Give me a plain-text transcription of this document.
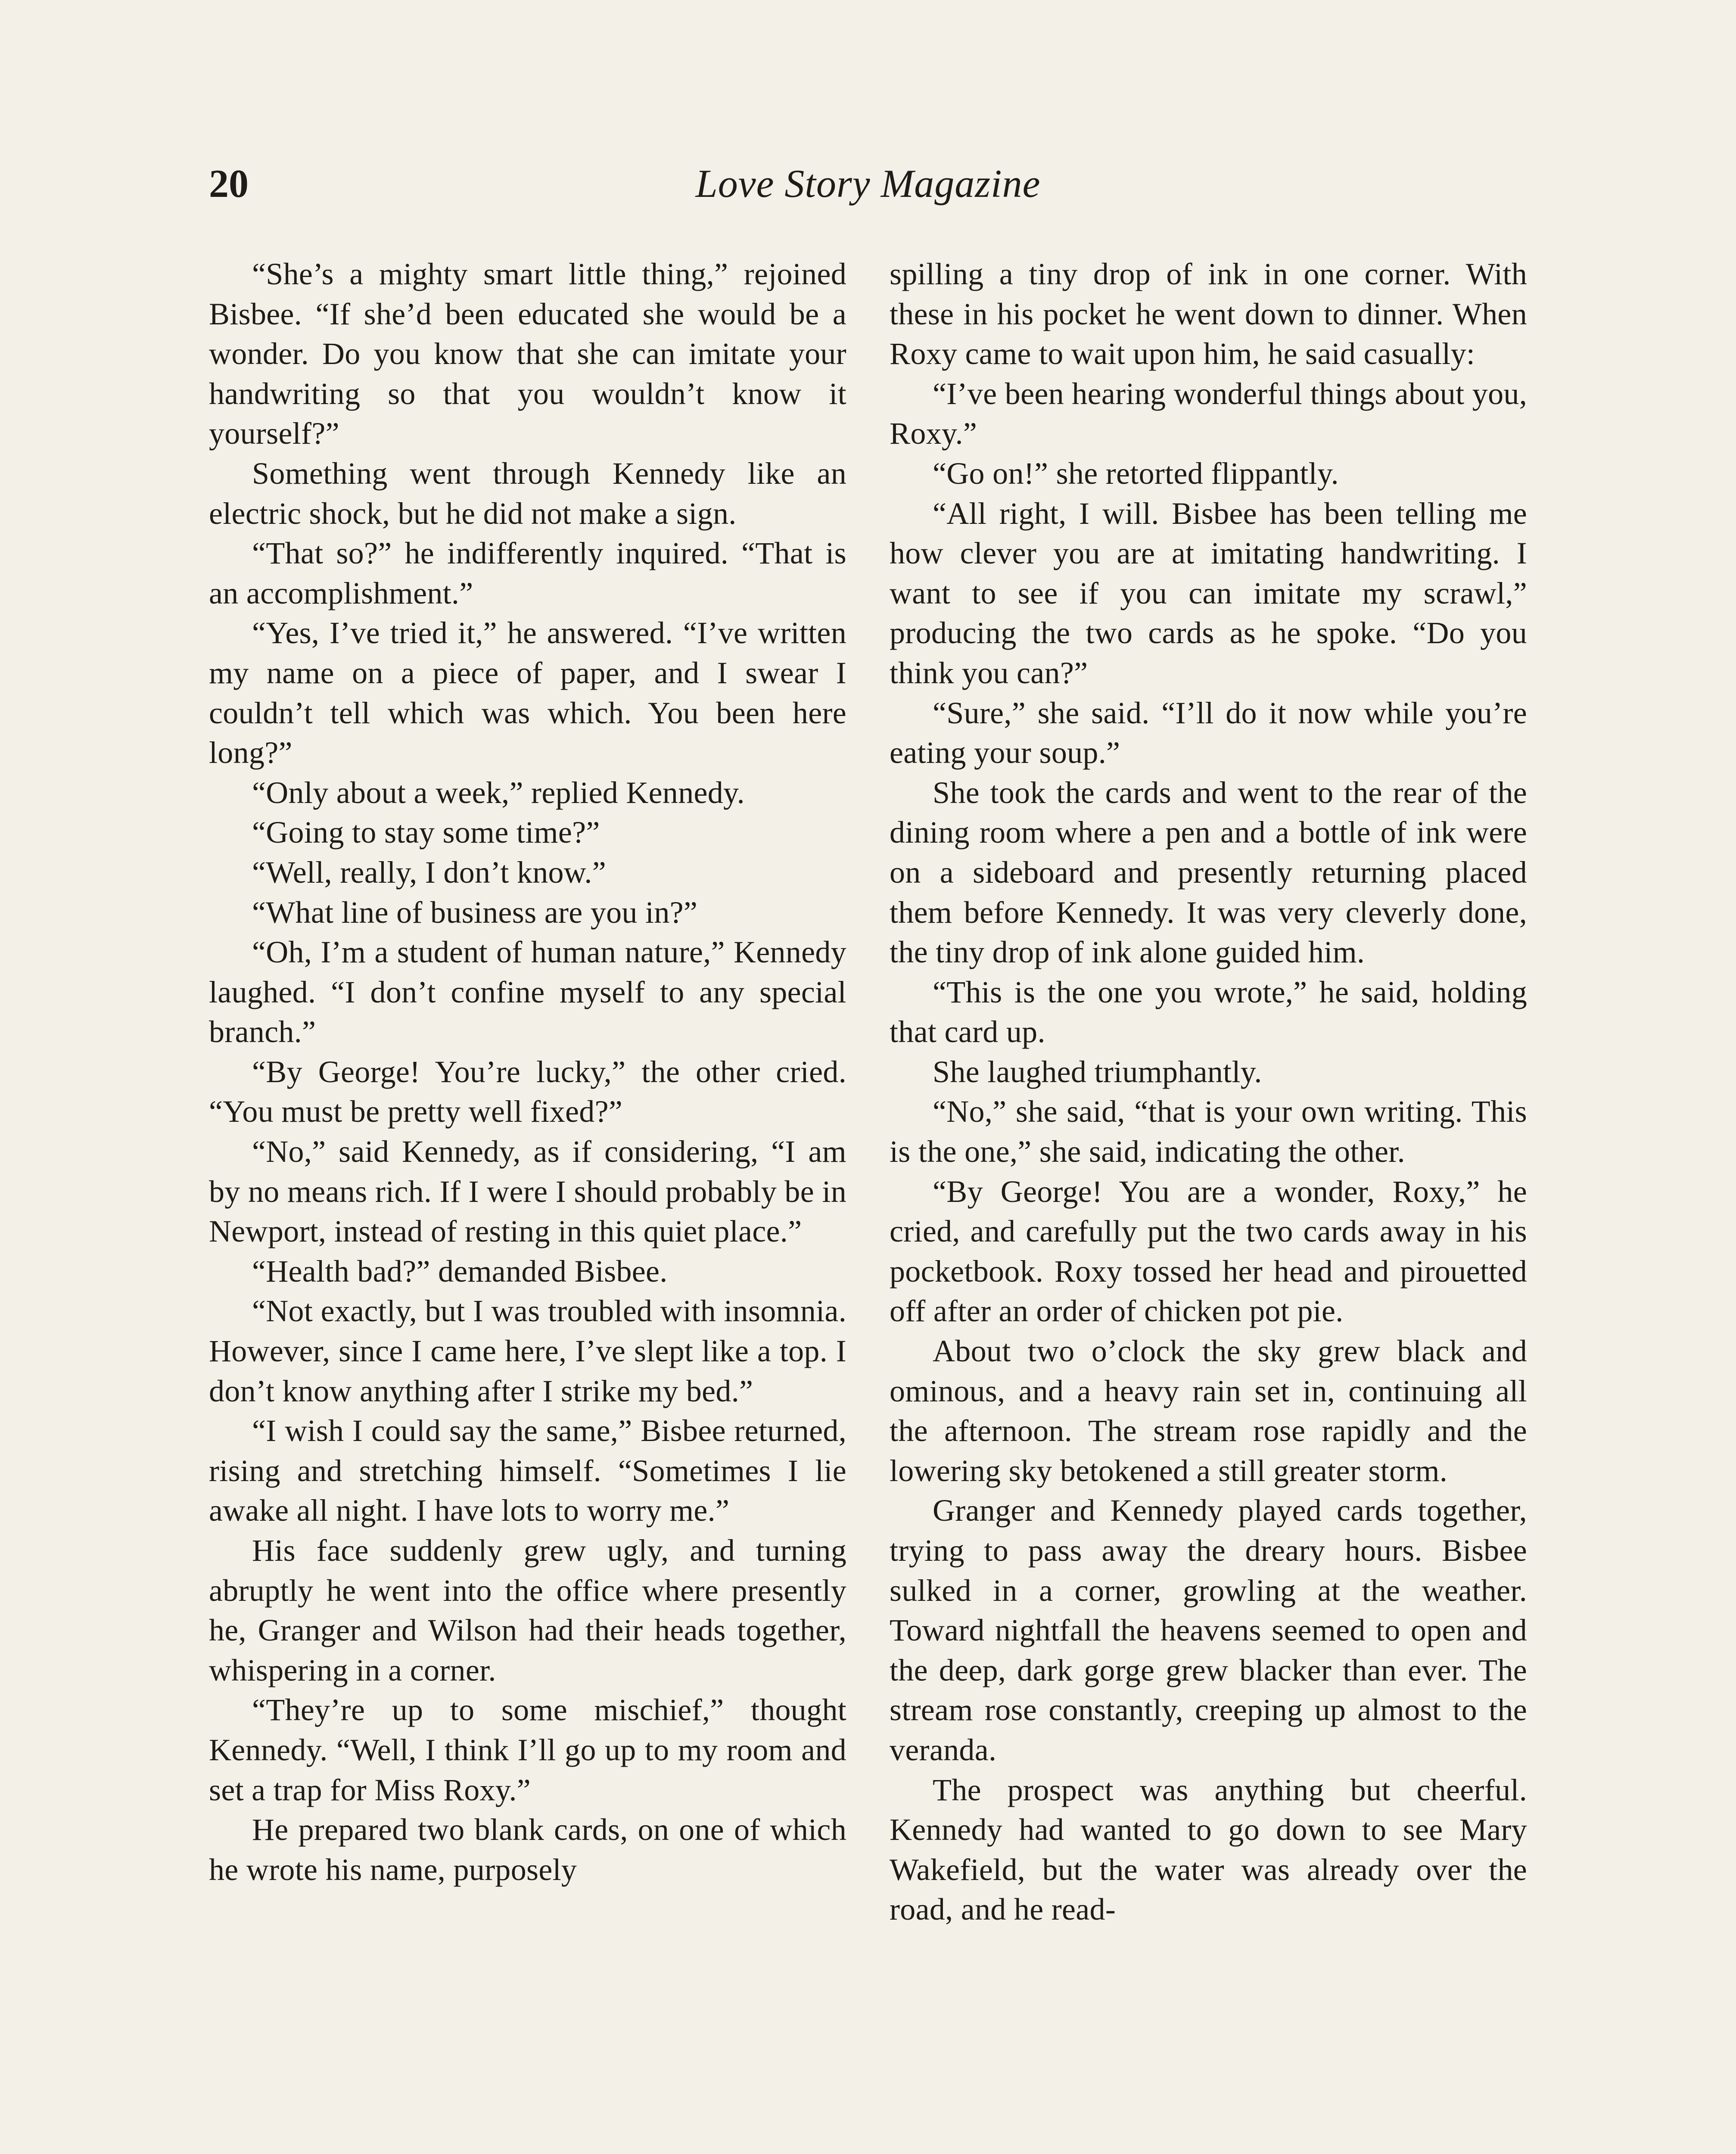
20	Love Story Magazine

“She’s a mighty smart little thing,” rejoined Bisbee. “If she’d been educated she would be a wonder. Do you know that she can imitate your handwriting so that you wouldn’t know it yourself?”

Something went through Kennedy like an electric shock, but he did not make a sign.

“That so?” he indifferently inquired. “That is an accomplishment.”

“Yes, I’ve tried it,” he answered. “I’ve written my name on a piece of paper, and I swear I couldn’t tell which was which. You been here long?”

“Only about a week,” replied Kennedy.

“Going to stay some time?”

“Well, really, I don’t know.”

“What line of business are you in?”

“Oh, I’m a student of human nature,” Kennedy laughed. “I don’t confine myself to any special branch.”

“By George! You’re lucky,” the other cried. “You must be pretty well fixed?”

“No,” said Kennedy, as if considering, “I am by no means rich. If I were I should probably be in Newport, instead of resting in this quiet place.”

“Health bad?” demanded Bisbee.

“Not exactly, but I was troubled with insomnia. However, since I came here, I’ve slept like a top. I don’t know anything after I strike my bed.”

“I wish I could say the same,” Bisbee returned, rising and stretching himself. “Sometimes I lie awake all night. I have lots to worry me.”

His face suddenly grew ugly, and turning abruptly he went into the office where presently he, Granger and Wilson had their heads together, whispering in a corner.

“They’re up to some mischief,” thought Kennedy. “Well, I think I’ll go up to my room and set a trap for Miss Roxy.”

He prepared two blank cards, on one of which he wrote his name, purposely

spilling a tiny drop of ink in one corner. With these in his pocket he went down to dinner. When Roxy came to wait upon him, he said casually:

“I’ve been hearing wonderful things about you, Roxy.”

“Go on!” she retorted flippantly.

“All right, I will. Bisbee has been telling me how clever you are at imitating handwriting. I want to see if you can imitate my scrawl,” producing the two cards as he spoke. “Do you think you can?”

“Sure,” she said. “I’ll do it now while you’re eating your soup.”

She took the cards and went to the rear of the dining room where a pen and a bottle of ink were on a sideboard and presently returning placed them before Kennedy. It was very cleverly done, the tiny drop of ink alone guided him.

“This is the one you wrote,” he said, holding that card up.

She laughed triumphantly.

“No,” she said, “that is your own writing. This is the one,” she said, indicating the other.

“By George! You are a wonder, Roxy,” he cried, and carefully put the two cards away in his pocketbook. Roxy tossed her head and pirouetted off after an order of chicken pot pie.

About two o’clock the sky grew black and ominous, and a heavy rain set in, continuing all the afternoon. The stream rose rapidly and the lowering sky betokened a still greater storm.

Granger and Kennedy played cards together, trying to pass away the dreary hours. Bisbee sulked in a corner, growling at the weather. Toward nightfall the heavens seemed to open and the deep, dark gorge grew blacker than ever. The stream rose constantly, creeping up almost to the veranda.

The prospect was anything but cheerful. Kennedy had wanted to go down to see Mary Wakefield, but the water was already over the road, and he read-
